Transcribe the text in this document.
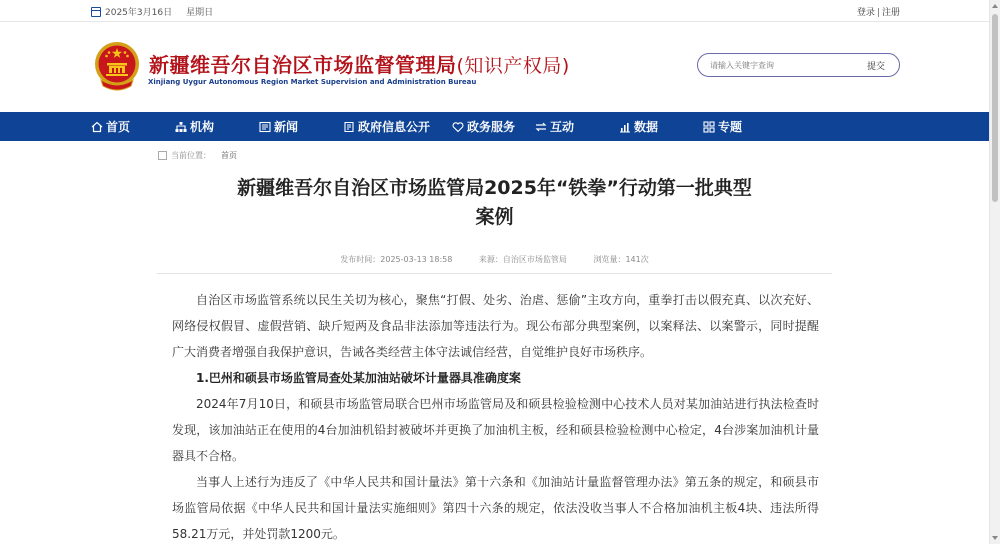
2025年3月16日 星期日	登录 | 注册
新疆维吾尔自治区市场监督管理局(知识产权局)
Xinjiang Uygur Autonomous Region Market Supervision and Administration Bureau
请输入关键字查询
提交
首页	机构	新闻	政府信息公开	政务服务	互动	数据	专题
当前位置： 首页
新疆维吾尔自治区市场监管局2025年“铁拳”行动第一批典型
案例
发布时间：2025-03-13 18:58	来源：自治区市场监管局	浏览量：141次

自治区市场监管系统以民生关切为核心，聚焦“打假、处劣、治虐、惩偷”主攻方向，重拳打击以假充真、以次充好、网络侵权假冒、虚假营销、缺斤短两及食品非法添加等违法行为。现公布部分典型案例，以案释法、以案警示，同时提醒广大消费者增强自我保护意识，告诫各类经营主体守法诚信经营，自觉维护良好市场秩序。

1.巴州和硕县市场监管局查处某加油站破坏计量器具准确度案

2024年7月10日，和硕县市场监管局联合巴州市场监管局及和硕县检验检测中心技术人员对某加油站进行执法检查时发现，该加油站正在使用的4台加油机铅封被破坏并更换了加油机主板，经和硕县检验检测中心检定，4台涉案加油机计量器具不合格。

当事人上述行为违反了《中华人民共和国计量法》第十六条和《加油站计量监督管理办法》第五条的规定，和硕县市场监管局依据《中华人民共和国计量法实施细则》第四十六条的规定，依法没收当事人不合格加油机主板4块、违法所得58.21万元，并处罚款1200元。
